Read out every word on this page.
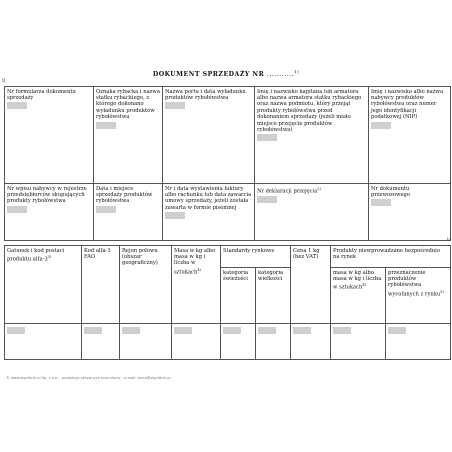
II
DOKUMENT SPRZEDAŻY NR ...........$^{1)}$
Nr formularza dokumentu sprzedaży	Oznaka rybacka i nazwa statku rybackiego, z którego dokonano wyładunku produktów rybołówstwa	Nazwa portu i data wyładunku produktów rybołówstwa	Imię i nazwisko kapitana lub armatora albo nazwa armatora statku rybackiego oraz nazwa podmiotu, który przejął produkty rybołówstwa przed dokonaniem sprzedaży (jeżeli miało miejsce przejęcie produktów rybołówstwa)	Imię i nazwisko albo nazwa nabywcy produktów rybołówstwa oraz numer jego identyfikacji podatkowej (NIP)

Nr wpisu nabywcy w rejestrze przedsiębiorców skupujących produkty rybołówstwa	Data i miejsce sprzedaży produktów rybołówstwa	Nr i data wystawienia faktury albo rachunku lub data zawarcia umowy sprzedaży, jeżeli została zawarta w formie pisemnej	Nr deklaracji przejęcia$^{2)}$	Nr dokumentu przewozowego
b
Gatunek i kod postaci produktu alfa-3$^{3)}$	Kod alfa-3 FAO	Rejon połowu (obszar geograficzny)	Masa w kg albo masa w kg i liczba w sztukach$^{4)}$	Standardy rynkowe		Cena 1 kg (bez VAT)	Produkty niewprowadzane bezpośrednio na rynek	
				kategoria świeżości	kategoria wielkości		masa w kg albo masa w kg i liczba w sztukach$^{4)}$	przeznaczenie produktów rybołówstwa wycofanych z rynku$^{5)}$

© www.signform.pl Sp. z o.o. - produkcja aktywnych formularzy - e-mail: biuro@signform.pl
